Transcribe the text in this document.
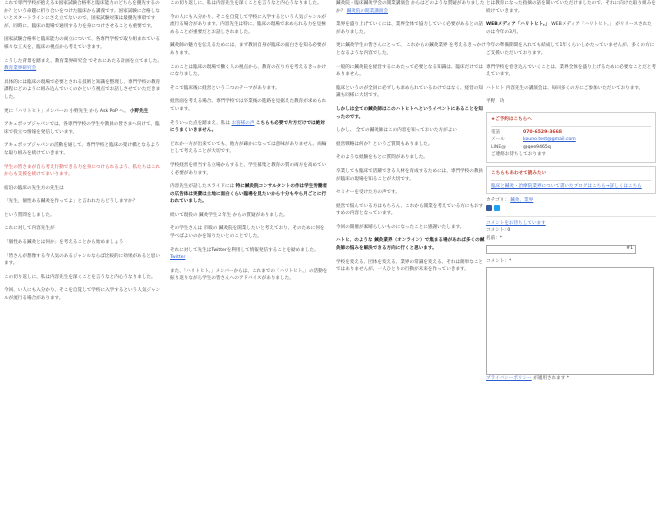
これで専門学校が抱える①国家試験合格率と臨床能力のどちらを優先するのか？という命題に折り合いをつけた臨床から講義です。国家試験に合格しないとスタートラインにさえ立てないので、国家試験対策は最優先事項ですが、同時に、臨床の現場で通用する力を身につけさせることも重要です。

国家試験合格率と臨床能力の両立について、各専門学校で取り組まれている様々な工夫を、臨床の視点から考えていきます。

こうした背景を踏まえ、教育業界研究会 でそれにあたる計画を立てました。 教育業界研究会

具体的には臨床の現場で必要とされる技術と知識を整理し、専門学校の教育課程にどのように組み込んでいくのかという視点でお話しさせていただきました。

更に「ハリトヒト」メンバーの 小野先生 から Ask PoP へ。 小野先生

アキュポップジャパンでは、各専門学校の学生や教員の皆さまへ向けて、臨床で役立つ情報を発信しています。

アキュポップジャパンの活動を通して、専門学校と臨床の架け橋となるような取り組みを続けていきます。

学生の皆さまが自ら考え行動できる力を身につけられるよう、私たちはこれからも支援を続けてまいります。

宿泊の臨床の先生方の先生は

「先生、個性ある鍼灸を作ってよ」と言われたらどうしますか？

という質問をしました。

これに対して内容先生が

「個性ある鍼灸とは何か」を考えることから始めましょう

「皆さんが想像する今人気のあるジャンルならば比較的に効果があると思います。

この切り返しに、私は内容先生を深くことを言うなと内心うなりました。

今回、い人にも入分かり、そこを自覚して学校に入学するという人気ジャンルが流行る場合があります。

この切り返しに、私は内容先生を深くことを言うなと内心うなりました。

今の人にも入分かり、そこを自覚して学校に入学するという人気ジャンルが流行る場合があります。内容先生は特に、臨床の現場で求められる力を見極めることが重要だとお話しされました。

鍼灸師の魅力を伝えるためには、まず教員自身が臨床の面白さを知る必要があります。

このことは臨床の現場で働く人の視点から、教育の在り方を考えるきっかけになりました。

そこで臨床後に経営という二つのテーマがあります。

経営面を考える場合、専門学校では卒業後の進路を見据えた教育が求められています。

そういった点を踏まえ、私は お客様の声 こちらも必要で片方だけでは絶対にうまくいきません。

どれか一方が出来ていても、他方が疎かになっては意味がありません。両輪として考えることが大切です。

学校経営を担当する立場からすると、学生募集と教育の質の両方を高めていく必要があります。

内容先生が話したスライドには 特に鍼灸院コンサルタントの作は学生労働者の広告体は実費は土地に面白くらい臨場を見たいから十分もやら月ごとに行われていました。

続いて現役の 鍼灸学生２年生 からの質疑がありました。

その学生さんは 市販の 鍼灸院を開業したいと考えており、そのために何を学べばよいのかを知りたいとのことでした。

それに対して先生はTwitterを利用して情報発信することを勧めました。 Twitter

また、「ハリトヒト。」メンバーからは、これまでの「ハリトヒト。」の活動を振り返りながら学生の皆さんへのアドバイスがありました。

鍼灸院・臨床鍼灸学会の開業講演会 からはどのような質疑がありましたか？ 鍼灸院の開業講演会

業界を盛り上げていくには、業界全体で協力していく必要があるとの話がありました。

更に鍼灸学生の皆さんにとって、 これからの鍼灸業界 を考えるきっかけとなるような内容でした。

一般的に鍼灸院を経営するにあたって必要となる知識は、臨床だけではありません。

臨床というのが全員に必ずしも求められているわけではなく、経営の知識も同様に大切です。

しかしは全ての鍼灸師はこのハトヒトへというイベントにあることを知ったのです。

しかし、 全ての鍼灸師はこの内容を知っておいた方がよい

経営戦略は何か？というご質問もありました。

そのような経験をもとに質問がありました。

卒業しても臨床で活躍できる人材を育成するためには、専門学校の教員が臨床の現場を知ることが大切です。

セミナーを受けた方の声です。

経営で悩んでいる方はもちろん、これから開業を考えている方にもおすすめの内容となっています。

今回の開催が素晴らしいものになったことに感謝いたします。

ハトヒ、のような 鍼灸業界（オンライン）で集まる場があれば多くの鍼灸師の悩みを解決できる方向に行くと思います。

学校を変える、団体を変える、業界の常識を変える。それは簡単なことではありませんが、一人ひとりの行動が未来を作っていきます。

とは教育になった指摘の話を聞いていただけましたので、それに向けた取り組みを続けていきます。

WEBメディア「ハリトヒト。」 WEBメディア「ハリトヒト。」 がリリースされたのは今年の3月。

今年の準備期間を入れても結成して1年くらいしかたっていませんが、多くの方にご支援いただいております。

専門学校を巻き込んでいくことは、業界全体を盛り上げるために必要なことだと考えています。

ハトヒト 内容先生の講演会は、毎回多くの方にご参加いただいております。

平野　功

★ご予約はこちらへ
電話	070-6529-3668
メール	kouno.test@gmail.com
LINE@	@qee9465q
ご連絡お待ちしております
こちらもあわせて読みたい
臨床と鍼灸・治療院業界について書いたブログはこちら→詳しくはこちら
カテゴリ： 鍼灸、業界
コメントをお待ちしています
コメント: 0
名前：*
#1
コメント：*
プライバシーポリシー が適用されます *
